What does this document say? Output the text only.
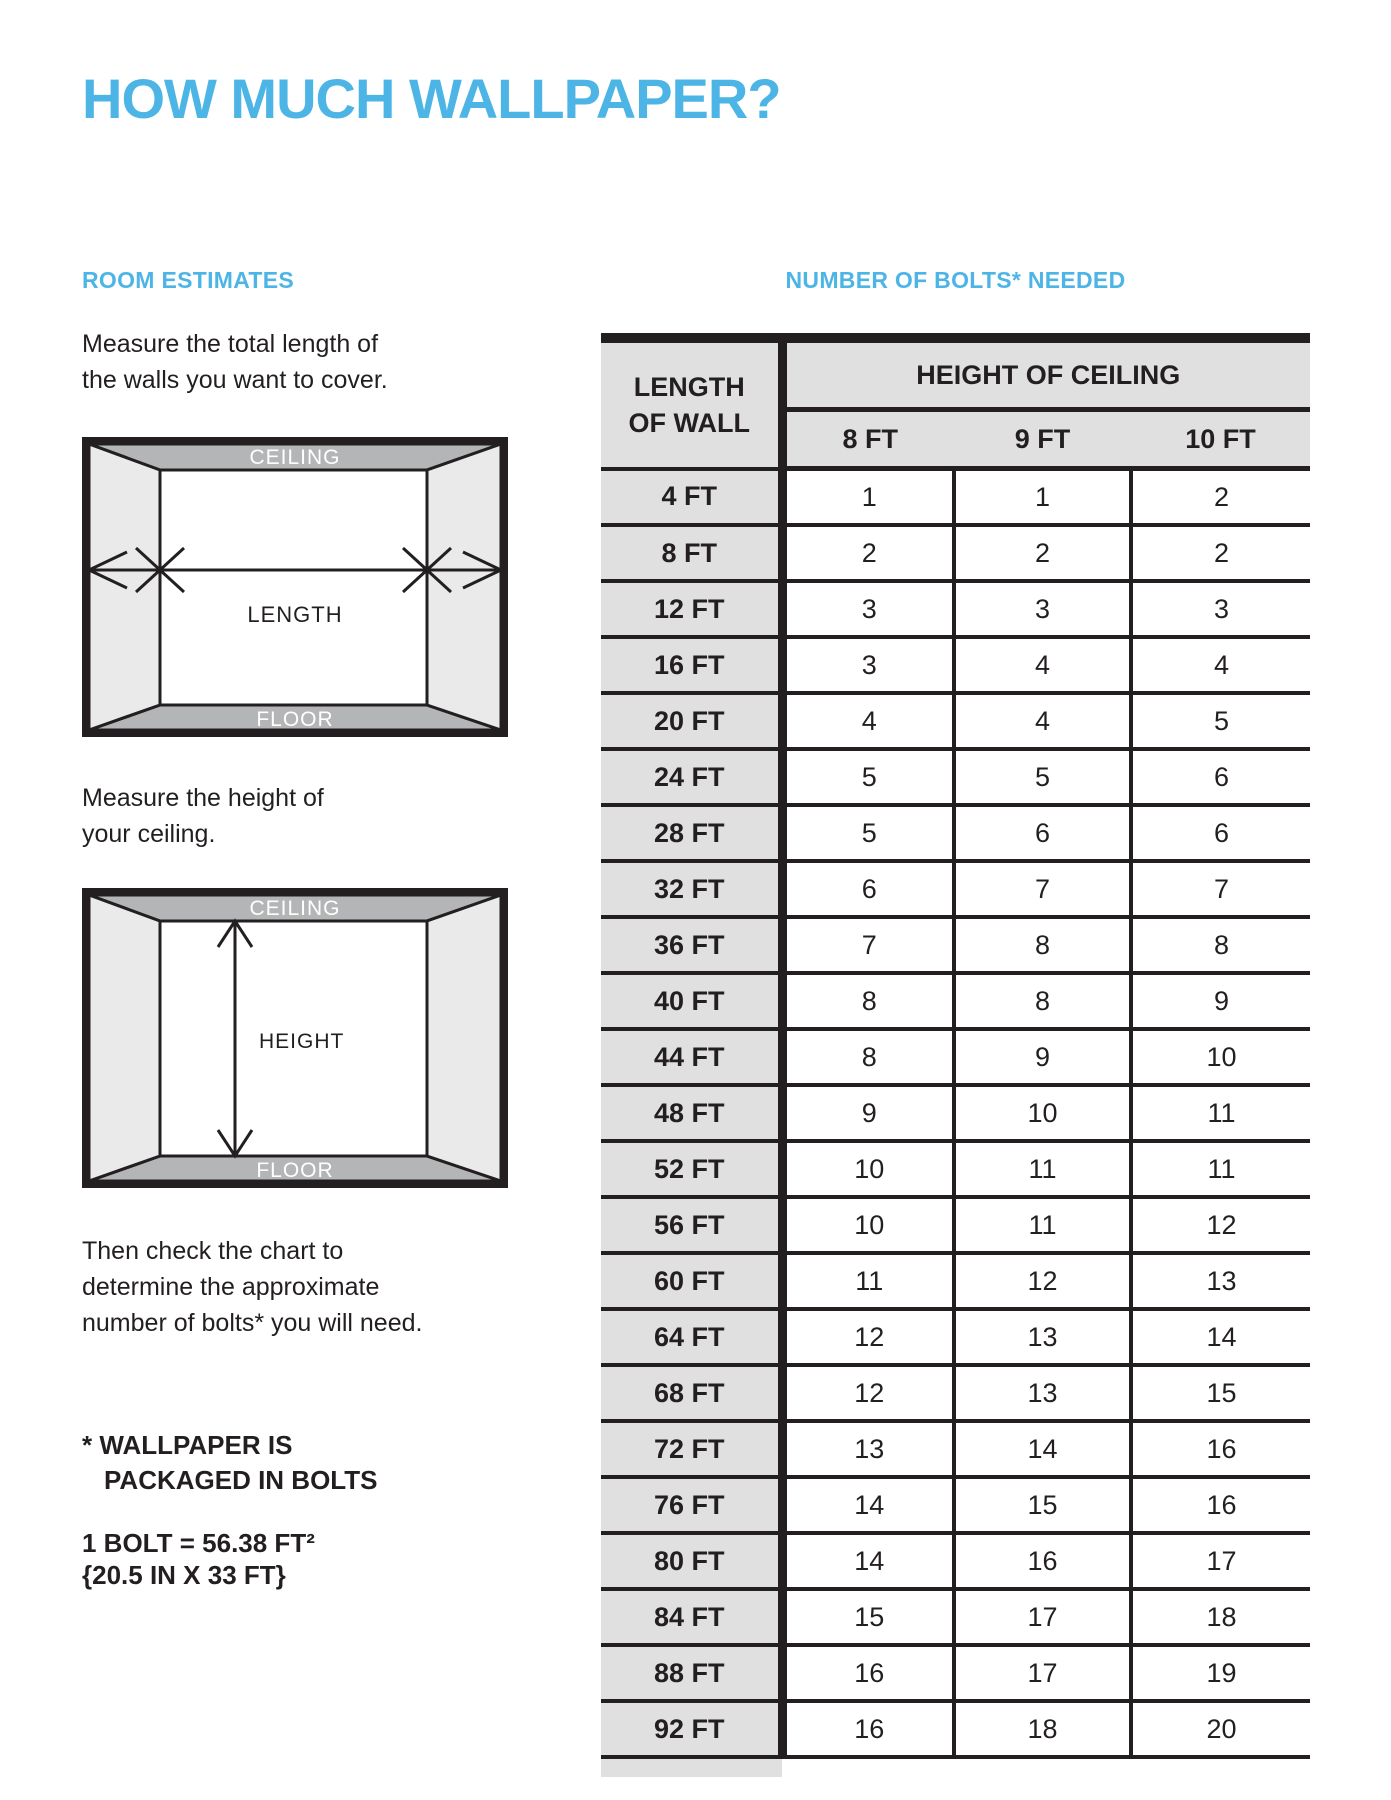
HOW MUCH WALLPAPER?
ROOM ESTIMATES
Measure the total length of
the walls you want to cover.
CEILING
LENGTH
FLOOR
Measure the height of
your ceiling.
CEILING
HEIGHT
FLOOR
Then check the chart to
determine the approximate
number of bolts* you will need.
* WALLPAPER IS
PACKAGED IN BOLTS
1 BOLT = 56.38 FT²
{20.5 IN X 33 FT}
NUMBER OF BOLTS* NEEDED
LENGTH
OF WALL	HEIGHT OF CEILING		
	8 FT	9 FT	10 FT
4 FT	1	1	2
8 FT	2	2	2
12 FT	3	3	3
16 FT	3	4	4
20 FT	4	4	5
24 FT	5	5	6
28 FT	5	6	6
32 FT	6	7	7
36 FT	7	8	8
40 FT	8	8	9
44 FT	8	9	10
48 FT	9	10	11
52 FT	10	11	11
56 FT	10	11	12
60 FT	11	12	13
64 FT	12	13	14
68 FT	12	13	15
72 FT	13	14	16
76 FT	14	15	16
80 FT	14	16	17
84 FT	15	17	18
88 FT	16	17	19
92 FT	16	18	20
